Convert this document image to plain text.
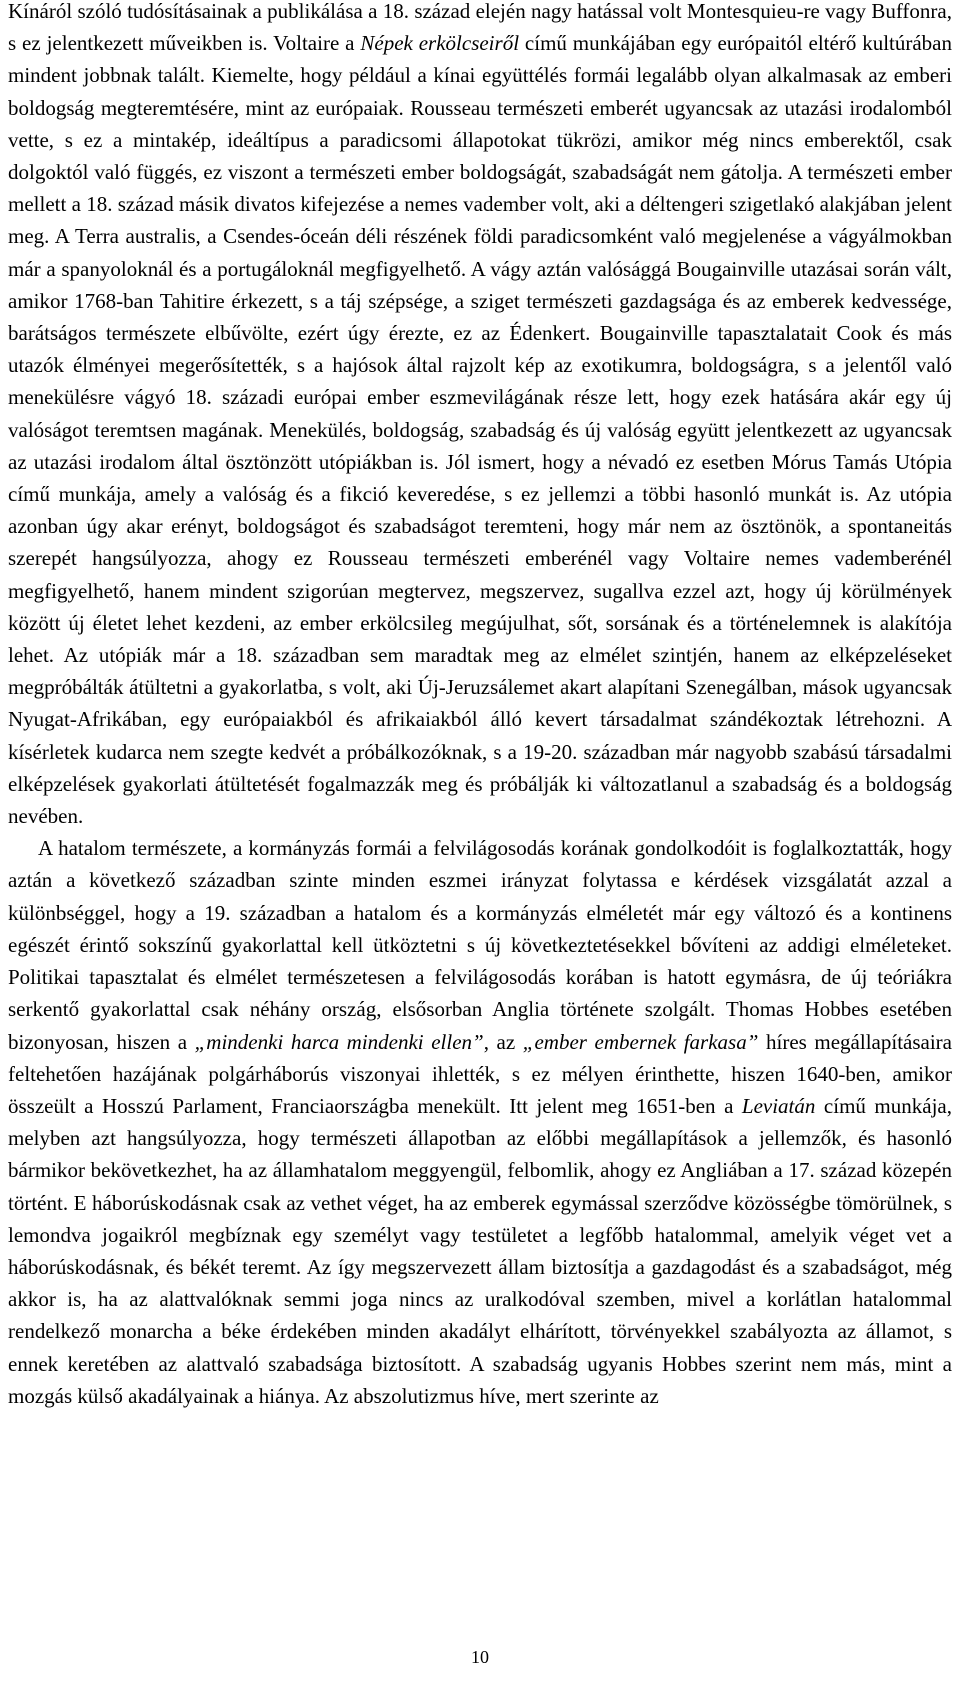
Kínáról szóló tudósításainak a publikálása a 18. század elején nagy hatással volt Montesquieu-re vagy Buffonra, s ez jelentkezett műveikben is. Voltaire a Népek erkölcseiről című munkájában egy európaitól eltérő kultúrában mindent jobbnak talált. Kiemelte, hogy például a kínai együttélés formái legalább olyan alkalmasak az emberi boldogság megteremtésére, mint az európaiak. Rousseau természeti emberét ugyancsak az utazási irodalomból vette, s ez a mintakép, ideáltípus a paradicsomi állapotokat tükrözi, amikor még nincs emberektől, csak dolgoktól való függés, ez viszont a természeti ember boldogságát, szabadságát nem gátolja. A természeti ember mellett a 18. század másik divatos kifejezése a nemes vadember volt, aki a déltengeri szigetlakó alakjában jelent meg. A Terra australis, a Csendes-óceán déli részének földi paradicsomként való megjelenése a vágyálmokban már a spanyoloknál és a portugáloknál megfigyelhető. A vágy aztán valósággá Bougainville utazásai során vált, amikor 1768-ban Tahitire érkezett, s a táj szépsége, a sziget természeti gazdagsága és az emberek kedvessége, barátságos természete elbűvölte, ezért úgy érezte, ez az Édenkert. Bougainville tapasztalatait Cook és más utazók élményei megerősítették, s a hajósok által rajzolt kép az exotikumra, boldogságra, s a jelentől való menekülésre vágyó 18. századi európai ember eszmevilágának része lett, hogy ezek hatására akár egy új valóságot teremtsen magának. Menekülés, boldogság, szabadság és új valóság együtt jelentkezett az ugyancsak az utazási irodalom által ösztönzött utópiákban is. Jól ismert, hogy a névadó ez esetben Mórus Tamás Utópia című munkája, amely a valóság és a fikció keveredése, s ez jellemzi a többi hasonló munkát is. Az utópia azonban úgy akar erényt, boldogságot és szabadságot teremteni, hogy már nem az ösztönök, a spontaneitás szerepét hangsúlyozza, ahogy ez Rousseau természeti emberénél vagy Voltaire nemes vademberénél megfigyelhető, hanem mindent szigorúan megtervez, megszervez, sugallva ezzel azt, hogy új körülmények között új életet lehet kezdeni, az ember erkölcsileg megújulhat, sőt, sorsának és a történelemnek is alakítója lehet. Az utópiák már a 18. században sem maradtak meg az elmélet szintjén, hanem az elképzeléseket megpróbálták átültetni a gyakorlatba, s volt, aki Új-Jeruzsálemet akart alapítani Szenegálban, mások ugyancsak Nyugat-Afrikában, egy európaiakból és afrikaiakból álló kevert társadalmat szándékoztak létrehozni. A kísérletek kudarca nem szegte kedvét a próbálkozóknak, s a 19-20. században már nagyobb szabású társadalmi elképzelések gyakorlati átültetését fogalmazzák meg és próbálják ki változatlanul a szabadság és a boldogság nevében.

A hatalom természete, a kormányzás formái a felvilágosodás korának gondolkodóit is foglalkoztatták, hogy aztán a következő században szinte minden eszmei irányzat folytassa e kérdések vizsgálatát azzal a különbséggel, hogy a 19. században a hatalom és a kormányzás elméletét már egy változó és a kontinens egészét érintő sokszínű gyakorlattal kell ütköztetni s új következtetésekkel bővíteni az addigi elméleteket. Politikai tapasztalat és elmélet természetesen a felvilágosodás korában is hatott egymásra, de új teóriákra serkentő gyakorlattal csak néhány ország, elsősorban Anglia története szolgált. Thomas Hobbes esetében bizonyosan, hiszen a „mindenki harca mindenki ellen”, az „ember embernek farkasa” híres megállapításaira feltehetően hazájának polgárháborús viszonyai ihlették, s ez mélyen érinthette, hiszen 1640-ben, amikor összeült a Hosszú Parlament, Franciaországba menekült. Itt jelent meg 1651-ben a Leviatán című munkája, melyben azt hangsúlyozza, hogy természeti állapotban az előbbi megállapítások a jellemzők, és hasonló bármikor bekövetkezhet, ha az államhatalom meggyengül, felbomlik, ahogy ez Angliában a 17. század közepén történt. E háborúskodásnak csak az vethet véget, ha az emberek egymással szerződve közösségbe tömörülnek, s lemondva jogaikról megbíznak egy személyt vagy testületet a legfőbb hatalommal, amelyik véget vet a háborúskodásnak, és békét teremt. Az így megszervezett állam biztosítja a gazdagodást és a szabadságot, még akkor is, ha az alattvalóknak semmi joga nincs az uralkodóval szemben, mivel a korlátlan hatalommal rendelkező monarcha a béke érdekében minden akadályt elhárított, törvényekkel szabályozta az államot, s ennek keretében az alattvaló szabadsága biztosított. A szabadság ugyanis Hobbes szerint nem más, mint a mozgás külső akadályainak a hiánya. Az abszolutizmus híve, mert szerinte az

10
